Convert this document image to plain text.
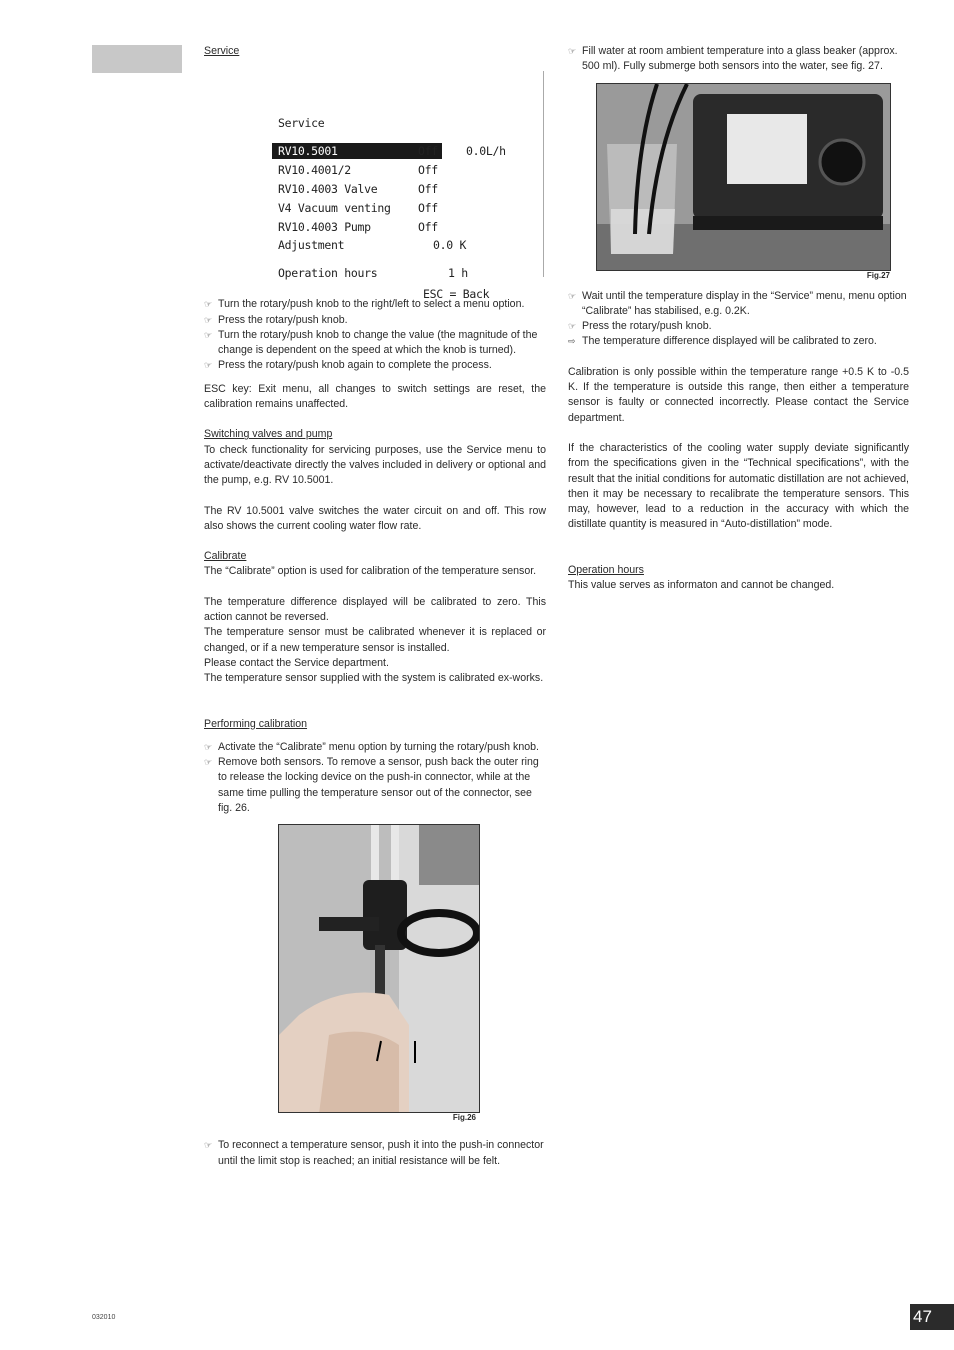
Service
Service
RV10.5001	Off 0.0L/h
RV10.4001/2	Off
RV10.4003 Valve	Off
V4 Vacuum venting Off
RV10.4003 Pump	Off
Adjustment	0.0 K
Operation hours	1 h
ESC = Back
☞ Turn the rotary/push knob to the right/left to select a menu option.
☞ Press the rotary/push knob.
☞ Turn the rotary/push knob to change the value (the magnitude of the change is dependent on the speed at which the knob is turned).
☞ Press the rotary/push knob again to complete the process.

ESC key: Exit menu, all changes to switch settings are reset, the calibration remains unaffected.

Switching valves and pump

To check functionality for servicing purposes, use the Service menu to activate/deactivate directly the valves included in delivery or optional and the pump, e.g. RV 10.5001.

The RV 10.5001 valve switches the water circuit on and off. This row also shows the current cooling water flow rate.

Calibrate

The “Calibrate” option is used for calibration of the temperature sensor.

The temperature difference displayed will be calibrated to zero. This action cannot be reversed.

The temperature sensor must be calibrated whenever it is replaced or changed, or if a new temperature sensor is installed.

Please contact the Service department.

The temperature sensor supplied with the system is calibrated ex-works.

Performing calibration
☞ Activate the “Calibrate” menu option by turning the rotary/push knob.
☞ Remove both sensors. To remove a sensor, push back the outer ring to release the locking device on the push-in connector, while at the same time pulling the temperature sensor out of the connector, see fig. 26.
Fig.26
☞ To reconnect a temperature sensor, push it into the push-in connector until the limit stop is reached; an initial resistance will be felt.
☞ Fill water at room ambient temperature into a glass beaker (approx. 500 ml). Fully submerge both sensors into the water, see fig. 27.
Fig.27
☞ Wait until the temperature display in the “Service” menu, menu option “Calibrate” has stabilised, e.g. 0.2K.
☞ Press the rotary/push knob.
⇨ The temperature difference displayed will be calibrated to zero.

Calibration is only possible within the temperature range +0.5 K to -0.5 K. If the temperature is outside this range, then either a temperature sensor is faulty or connected incorrectly. Please contact the Service department.

If the characteristics of the cooling water supply deviate significantly from the specifications given in the “Technical specifications”, with the result that the initial conditions for automatic distillation are not achieved, then it may be necessary to recalibrate the temperature sensors. This may, however, lead to a reduction in the accuracy with which the distillate quantity is measured in “Auto-distillation” mode.

Operation hours

This value serves as informaton and cannot be changed.

032010	47
